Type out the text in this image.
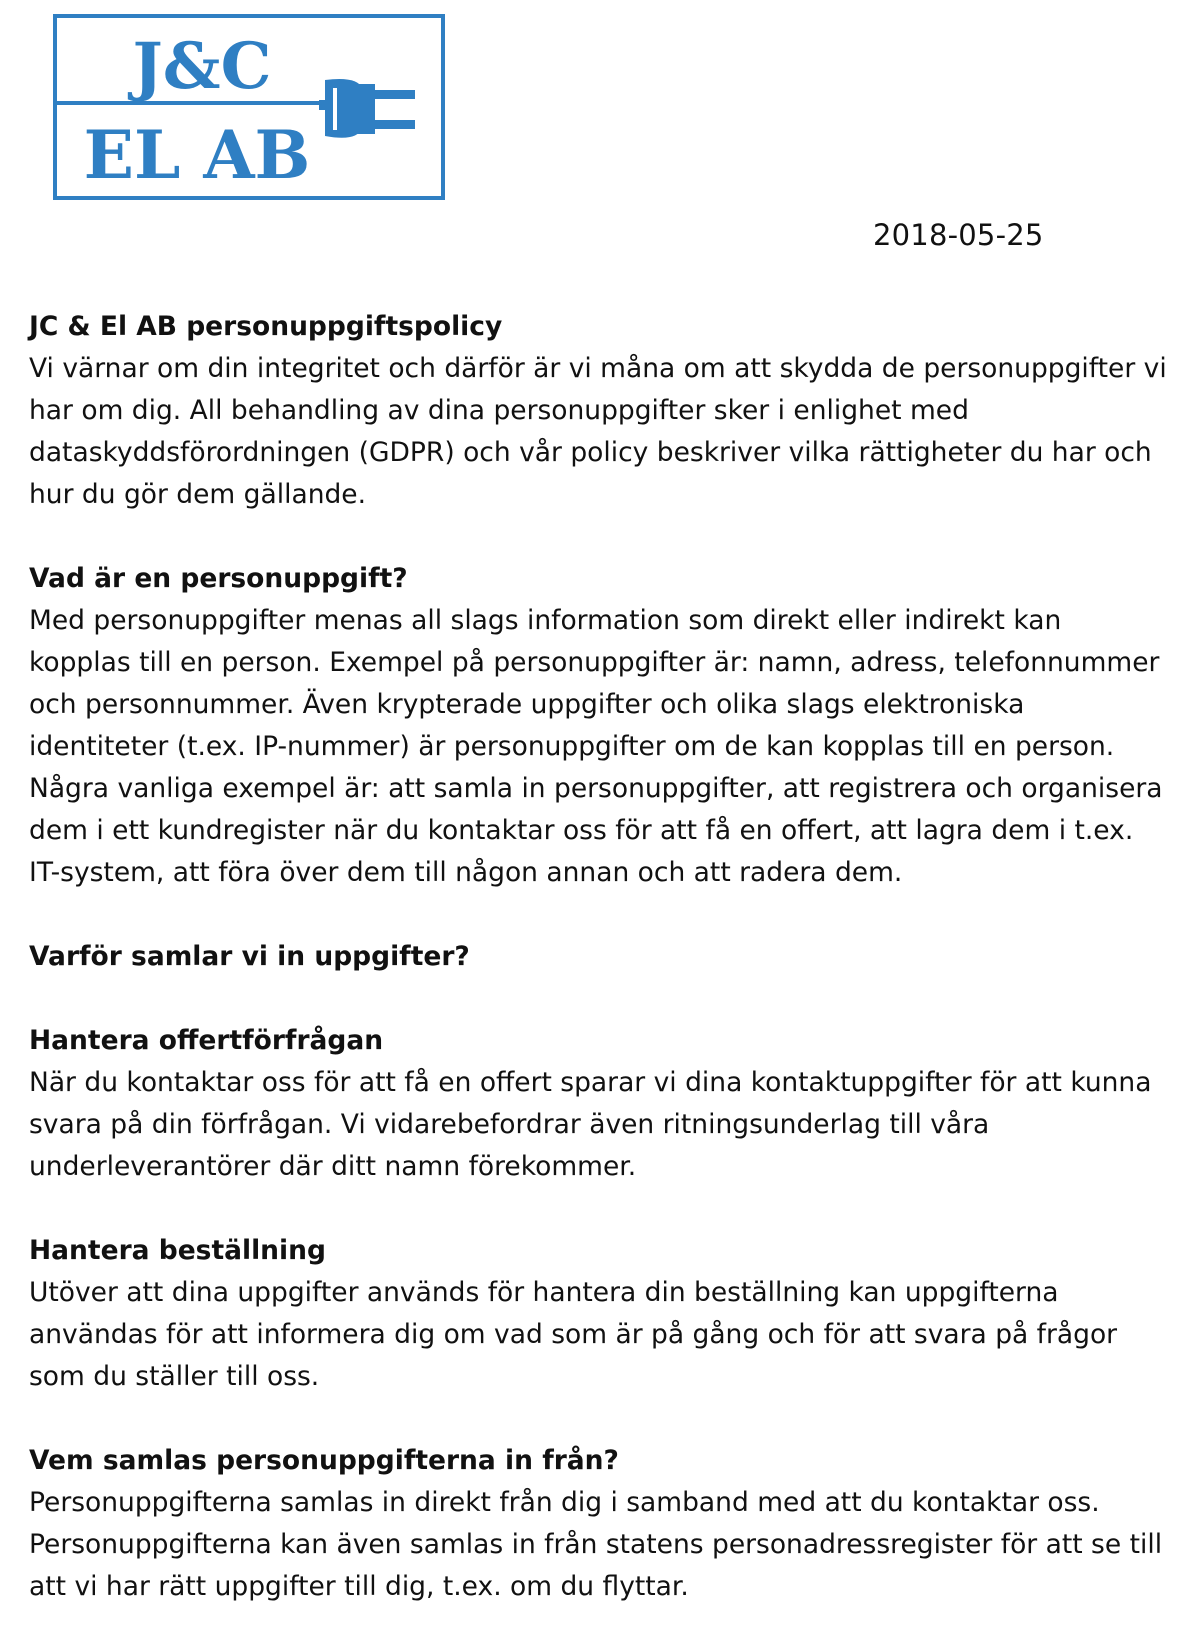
J&C
EL AB
2018-05-25

JC & El AB personuppgiftspolicy

Vi värnar om din integritet och därför är vi måna om att skydda de personuppgifter vi har om dig. All behandling av dina personuppgifter sker i enlighet med dataskyddsförordningen (GDPR) och vår policy beskriver vilka rättigheter du har och hur du gör dem gällande.

Vad är en personuppgift?

Med personuppgifter menas all slags information som direkt eller indirekt kan kopplas till en person. Exempel på personuppgifter är: namn, adress, telefonnummer och personnummer. Även krypterade uppgifter och olika slags elektroniska identiteter (t.ex. IP-nummer) är personuppgifter om de kan kopplas till en person. Några vanliga exempel är: att samla in personuppgifter, att registrera och organisera dem i ett kundregister när du kontaktar oss för att få en offert, att lagra dem i t.ex. IT-system, att föra över dem till någon annan och att radera dem.

Varför samlar vi in uppgifter?

Hantera offertförfrågan

När du kontaktar oss för att få en offert sparar vi dina kontaktuppgifter för att kunna svara på din förfrågan. Vi vidarebefordrar även ritningsunderlag till våra underleverantörer där ditt namn förekommer.

Hantera beställning

Utöver att dina uppgifter används för hantera din beställning kan uppgifterna användas för att informera dig om vad som är på gång och för att svara på frågor som du ställer till oss.

Vem samlas personuppgifterna in från?

Personuppgifterna samlas in direkt från dig i samband med att du kontaktar oss. Personuppgifterna kan även samlas in från statens personadressregister för att se till att vi har rätt uppgifter till dig, t.ex. om du flyttar.
